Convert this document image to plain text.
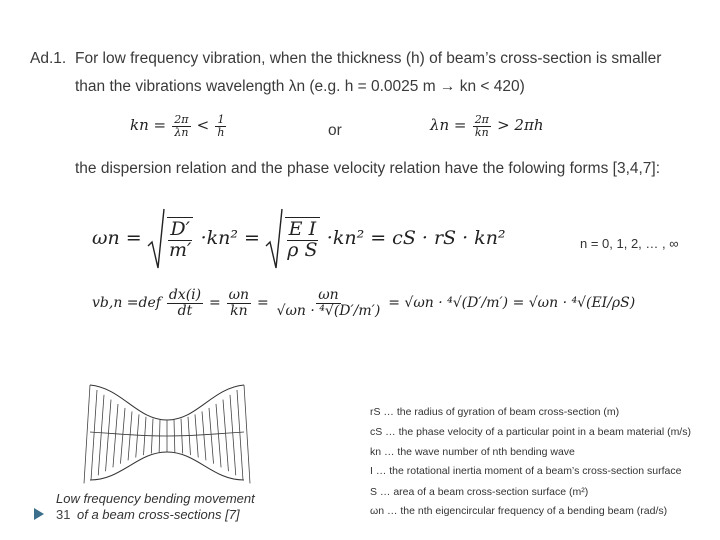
Ad.1. For low frequency vibration, when the thickness (h) of beam’s cross-section is smaller
than the vibrations wavelength λn (e.g. h = 0.0025 m → kn < 420)
kn = $\frac{2\pi}{\lambda n} < \frac{1}{h}$	or	$\lambda n = \frac{2\pi}{kn} > 2\pi h$
the dispersion relation and the phase velocity relation have the folowing forms [3,4,7]:
$\omega n = \frac{D'}{m'} \cdot kn^2 = \frac{\text{E I}}{\text{ρ S}} \cdot kn^2$ = cS · rS · kn²	n = 0, 1, 2, … , ∞
$vb,n =def \frac{dx(i)}{dt} = \frac{\omega n}{kn} = \frac{\omega n}{\text{√ωn · ⁴√(D′/m′)}} = √\omega n \cdot ^4√(D'/m') = √\omega n \cdot ^4√(EI/\rho S)$
rS … the radius of gyration of beam cross-section (m)
cS … the phase velocity of a particular point in a beam material (m/s)
kn … the wave number of nth bending wave
I … the rotational inertia moment of a beam’s cross-section surface
S … area of a beam cross-section surface (m²)
ωn … the nth eigencircular frequency of a bending beam (rad/s)
Low frequency bending movement
31 of a beam cross-sections [7]
